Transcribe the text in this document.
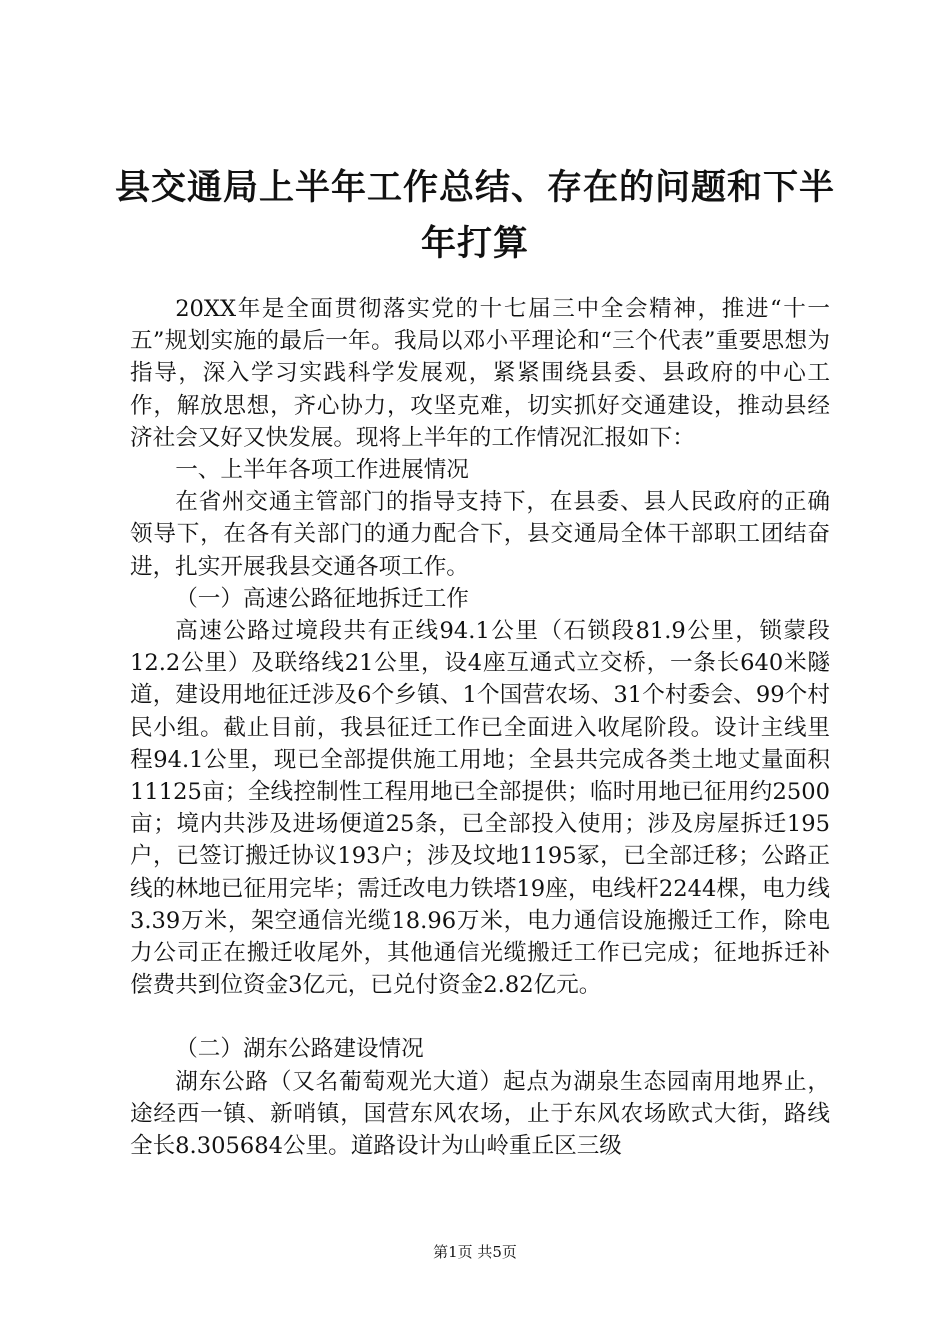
县交通局上半年工作总结、存在的问题和下半年打算

20XX年是全面贯彻落实党的十七届三中全会精神，推进“十一五”规划实施的最后一年。我局以邓小平理论和“三个代表”重要思想为指导，深入学习实践科学发展观，紧紧围绕县委、县政府的中心工作，解放思想，齐心协力，攻坚克难，切实抓好交通建设，推动县经济社会又好又快发展。现将上半年的工作情况汇报如下：

一、上半年各项工作进展情况

在省州交通主管部门的指导支持下，在县委、县人民政府的正确领导下，在各有关部门的通力配合下，县交通局全体干部职工团结奋进，扎实开展我县交通各项工作。

（一）高速公路征地拆迁工作

高速公路过境段共有正线94.1公里（石锁段81.9公里，锁蒙段12.2公里）及联络线21公里，设4座互通式立交桥，一条长640米隧道，建设用地征迁涉及6个乡镇、1个国营农场、31个村委会、99个村民小组。截止目前，我县征迁工作已全面进入收尾阶段。设计主线里程94.1公里，现已全部提供施工用地；全县共完成各类土地丈量面积11125亩；全线控制性工程用地已全部提供；临时用地已征用约2500亩；境内共涉及进场便道25条，已全部投入使用；涉及房屋拆迁195户，已签订搬迁协议193户；涉及坟地1195冢，已全部迁移；公路正线的林地已征用完毕；需迁改电力铁塔19座，电线杆2244棵，电力线3.39万米，架空通信光缆18.96万米，电力通信设施搬迁工作，除电力公司正在搬迁收尾外，其他通信光缆搬迁工作已完成；征地拆迁补偿费共到位资金3亿元，已兑付资金2.82亿元。

（二）湖东公路建设情况

湖东公路（又名葡萄观光大道）起点为湖泉生态园南用地界止，途经西一镇、新哨镇，国营东风农场，止于东风农场欧式大街，路线全长8.305684公里。道路设计为山岭重丘区三级

第1页 共5页
